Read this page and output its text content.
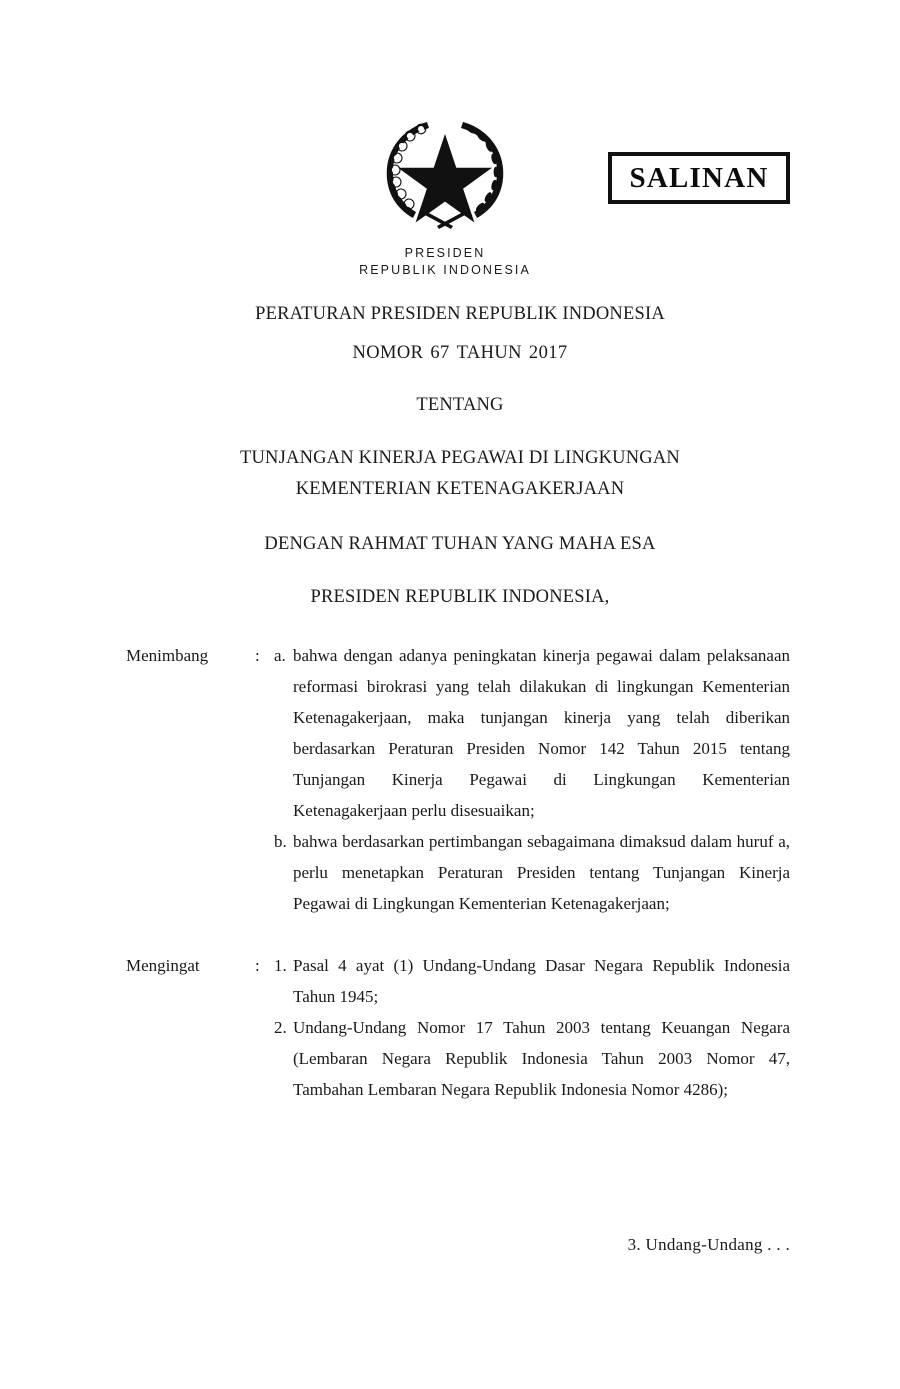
SALINAN
PRESIDEN
REPUBLIK INDONESIA
PERATURAN PRESIDEN REPUBLIK INDONESIA
NOMOR 67 TAHUN 2017
TENTANG
TUNJANGAN KINERJA PEGAWAI DI LINGKUNGAN
KEMENTERIAN KETENAGAKERJAAN
DENGAN RAHMAT TUHAN YANG MAHA ESA
PRESIDEN REPUBLIK INDONESIA,
Menimbang	: a. bahwa dengan adanya peningkatan kinerja pegawai dalam pelaksanaan reformasi birokrasi yang telah dilakukan di lingkungan Kementerian Ketenagakerjaan, maka tunjangan kinerja yang telah diberikan berdasarkan Peraturan Presiden Nomor 142 Tahun 2015 tentang Tunjangan Kinerja Pegawai di Lingkungan Kementerian Ketenagakerjaan perlu disesuaikan;
b. bahwa berdasarkan pertimbangan sebagaimana dimaksud dalam huruf a, perlu menetapkan Peraturan Presiden tentang Tunjangan Kinerja Pegawai di Lingkungan Kementerian Ketenagakerjaan;
Mengingat	: 1. Pasal 4 ayat (1) Undang-Undang Dasar Negara Republik Indonesia Tahun 1945;
2. Undang-Undang Nomor 17 Tahun 2003 tentang Keuangan Negara (Lembaran Negara Republik Indonesia Tahun 2003 Nomor 47, Tambahan Lembaran Negara Republik Indonesia Nomor 4286);
3. Undang-Undang . . .
